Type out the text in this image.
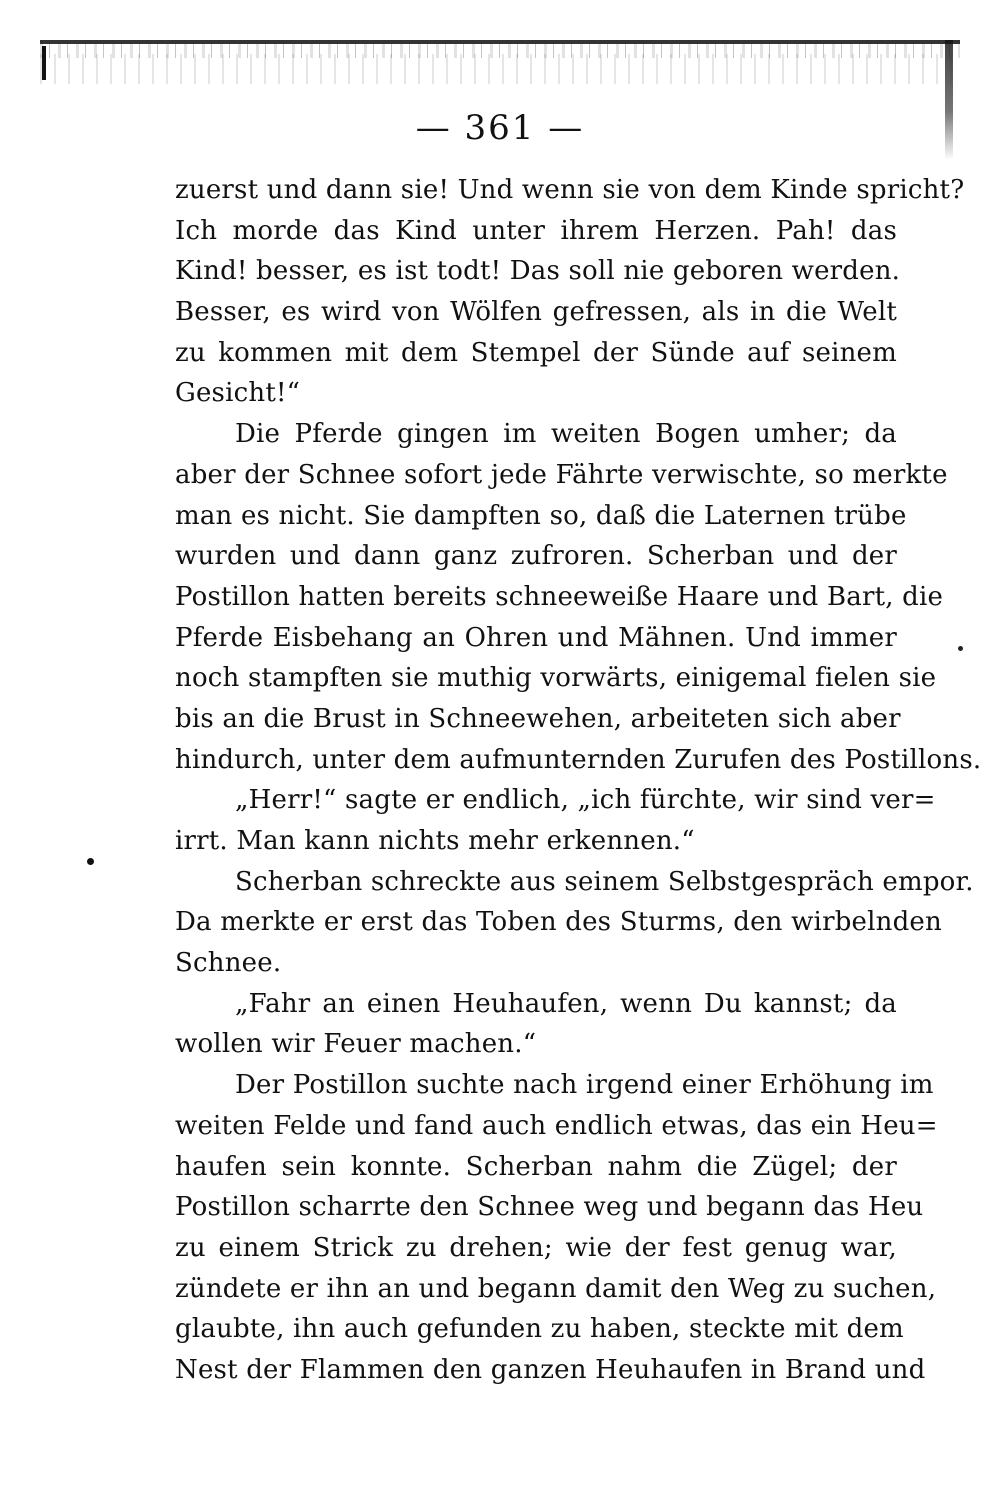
— 361 —
zuerst und dann sie! Und wenn sie von dem Kinde spricht?
Ich morde das Kind unter ihrem Herzen. Pah! das
Kind! besser, es ist todt! Das soll nie geboren werden.
Besser, es wird von Wölfen gefressen, als in die Welt
zu kommen mit dem Stempel der Sünde auf seinem
Gesicht!“
Die Pferde gingen im weiten Bogen umher; da
aber der Schnee sofort jede Fährte verwischte, so merkte
man es nicht. Sie dampften so, daß die Laternen trübe
wurden und dann ganz zufroren. Scherban und der
Postillon hatten bereits schneeweiße Haare und Bart, die
Pferde Eisbehang an Ohren und Mähnen. Und immer
noch stampften sie muthig vorwärts, einigemal fielen sie
bis an die Brust in Schneewehen, arbeiteten sich aber
hindurch, unter dem aufmunternden Zurufen des Postillons.
„Herr!“ sagte er endlich, „ich fürchte, wir sind ver=
irrt. Man kann nichts mehr erkennen.“
Scherban schreckte aus seinem Selbstgespräch empor.
Da merkte er erst das Toben des Sturms, den wirbelnden
Schnee.
„Fahr an einen Heuhaufen, wenn Du kannst; da
wollen wir Feuer machen.“
Der Postillon suchte nach irgend einer Erhöhung im
weiten Felde und fand auch endlich etwas, das ein Heu=
haufen sein konnte. Scherban nahm die Zügel; der
Postillon scharrte den Schnee weg und begann das Heu
zu einem Strick zu drehen; wie der fest genug war,
zündete er ihn an und begann damit den Weg zu suchen,
glaubte, ihn auch gefunden zu haben, steckte mit dem
Nest der Flammen den ganzen Heuhaufen in Brand und
